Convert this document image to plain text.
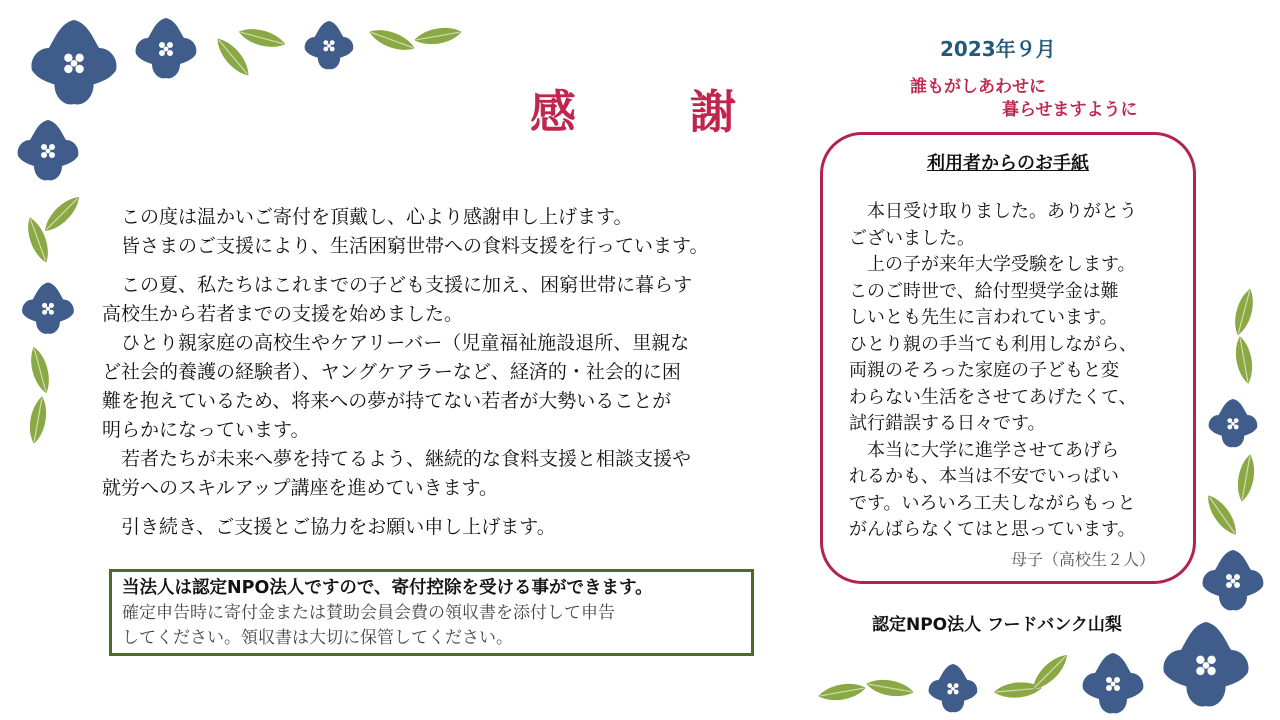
感　謝
2023年９月
誰もがしあわせに
暮らせますように

　この度は温かいご寄付を頂戴し、心より感謝申し上げます。

　皆さまのご支援により、生活困窮世帯への食料支援を行っています。

　この夏、私たちはこれまでの子ども支援に加え、困窮世帯に暮らす

高校生から若者までの支援を始めました。

　ひとり親家庭の高校生やケアリーバー（児童福祉施設退所、里親な

ど社会的養護の経験者）、ヤングケアラーなど、経済的・社会的に困

難を抱えているため、将来への夢が持てない若者が大勢いることが

明らかになっています。

　若者たちが未来へ夢を持てるよう、継続的な食料支援と相談支援や

就労へのスキルアップ講座を進めていきます。

　引き続き、ご支援とご協力をお願い申し上げます。

当法人は認定NPO法人ですので、寄付控除を受ける事ができます。
確定申告時に寄付金または賛助会員会費の領収書を添付して申告
してください。領収書は大切に保管してください。
利用者からのお手紙

　本日受け取りました。ありがとう

ございました。

　上の子が来年大学受験をします。

このご時世で、給付型奨学金は難

しいとも先生に言われています。

ひとり親の手当ても利用しながら、

両親のそろった家庭の子どもと変

わらない生活をさせてあげたくて、

試行錯誤する日々です。

　本当に大学に進学させてあげら

れるかも、本当は不安でいっぱい

です。いろいろ工夫しながらもっと

がんばらなくてはと思っています。

母子（高校生２人）
認定NPO法人 フードバンク山梨
